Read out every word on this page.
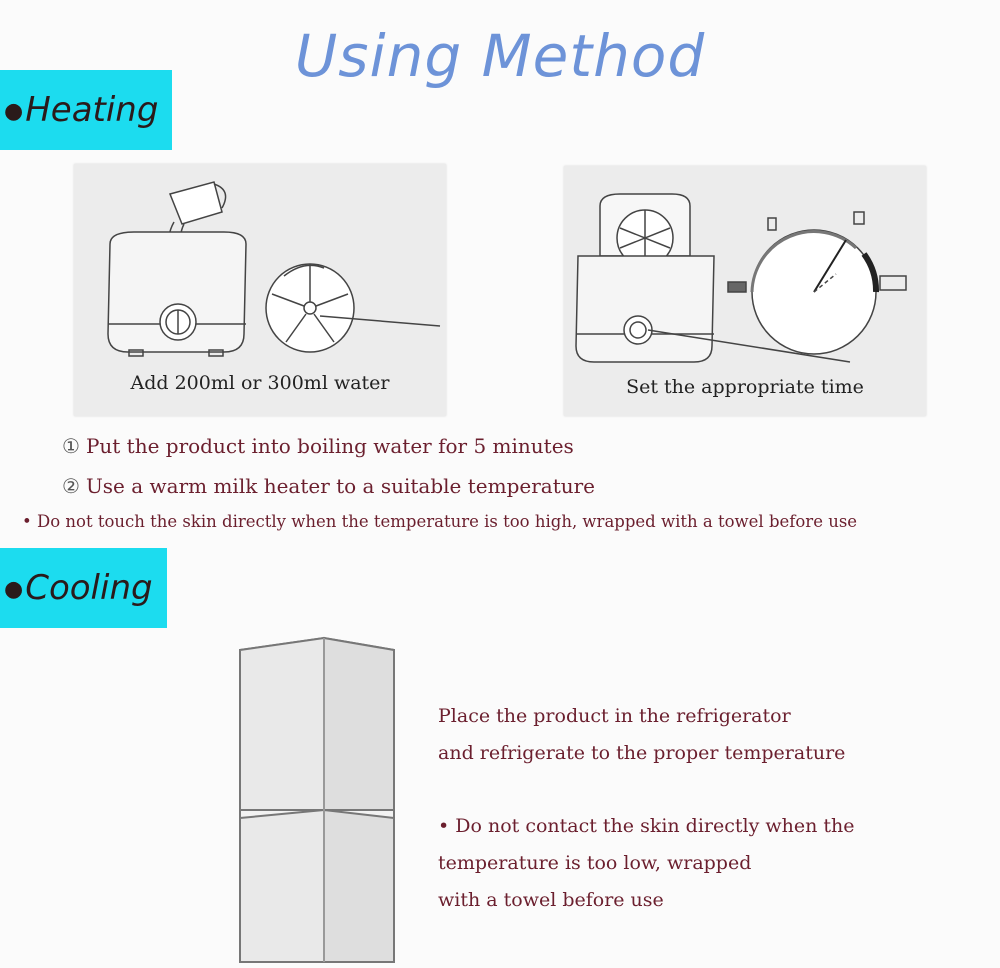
Using Method
●Heating
Add 200ml or 300ml water	Set the appropriate time
① Put the product into boiling water for 5 minutes
② Use a warm milk heater to a suitable temperature
• Do not touch the skin directly when the temperature is too high, wrapped with a towel before use
●Cooling
Place the product in the refrigerator
and refrigerate to the proper temperature
• Do not contact the skin directly when the
temperature is too low, wrapped
with a towel before use
